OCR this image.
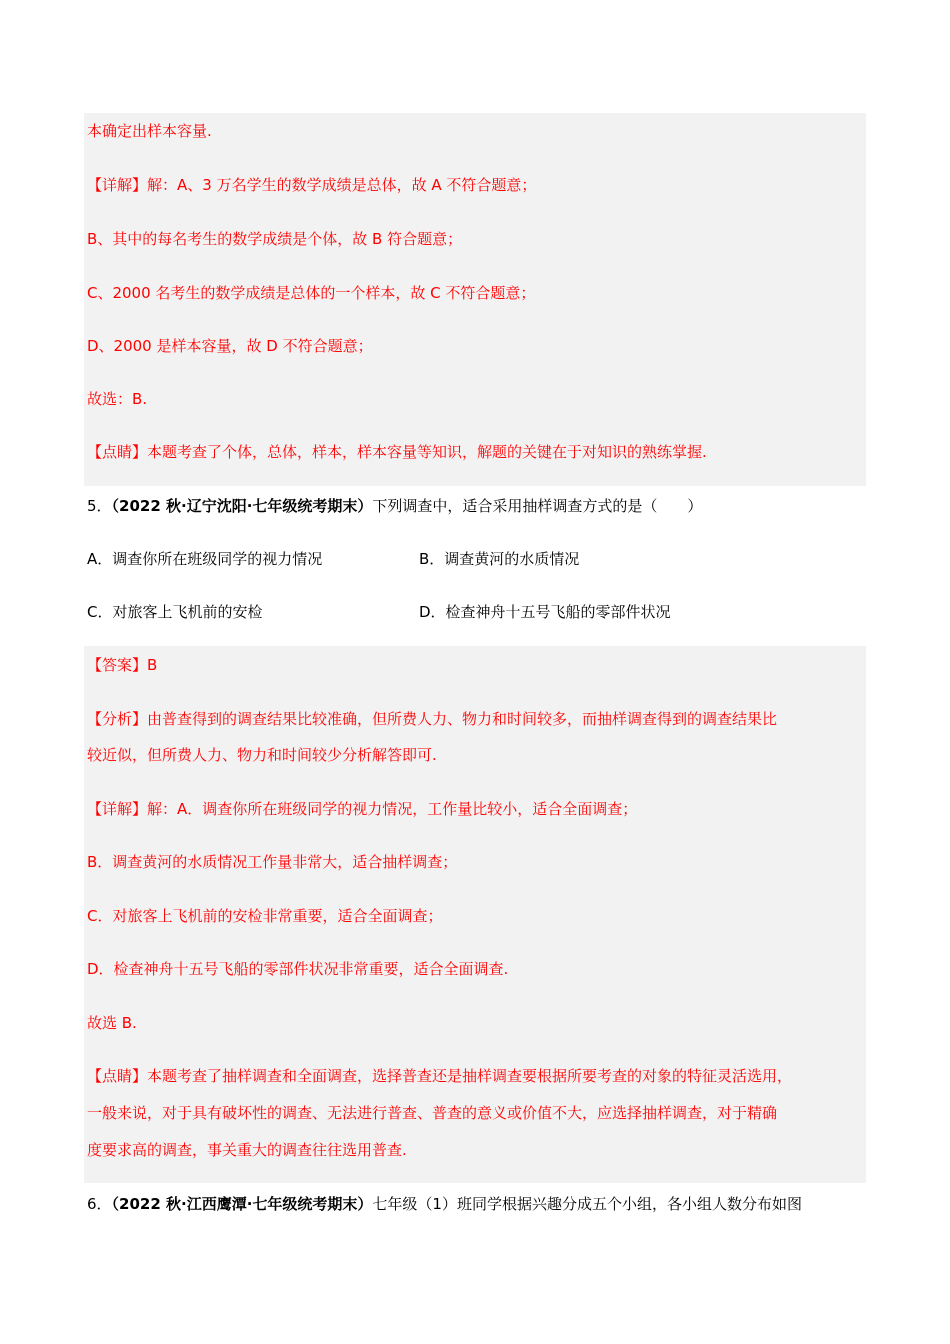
本确定出样本容量.
【详解】解：A、3 万名学生的数学成绩是总体，故 A 不符合题意；
B、其中的每名考生的数学成绩是个体，故 B 符合题意；
C、2000 名考生的数学成绩是总体的一个样本，故 C 不符合题意；
D、2000 是样本容量，故 D 不符合题意；
故选：B.
【点睛】本题考查了个体，总体，样本，样本容量等知识，解题的关键在于对知识的熟练掌握.
5．（2022 秋·辽宁沈阳·七年级统考期末）下列调查中，适合采用抽样调查方式的是（　　）
A．调查你所在班级同学的视力情况	B．调查黄河的水质情况
C．对旅客上飞机前的安检	D．检查神舟十五号飞船的零部件状况
【答案】B
【分析】由普查得到的调查结果比较准确，但所费人力、物力和时间较多，而抽样调查得到的调查结果比
较近似，但所费人力、物力和时间较少分析解答即可.
【详解】解：A．调查你所在班级同学的视力情况，工作量比较小，适合全面调查；
B．调查黄河的水质情况工作量非常大，适合抽样调查；
C．对旅客上飞机前的安检非常重要，适合全面调查；
D．检查神舟十五号飞船的零部件状况非常重要，适合全面调查.
故选 B.
【点睛】本题考查了抽样调查和全面调查，选择普查还是抽样调查要根据所要考查的对象的特征灵活选用，
一般来说，对于具有破坏性的调查、无法进行普查、普查的意义或价值不大，应选择抽样调查，对于精确
度要求高的调查，事关重大的调查往往选用普查.
6．（2022 秋·江西鹰潭·七年级统考期末）七年级（1）班同学根据兴趣分成五个小组，各小组人数分布如图
